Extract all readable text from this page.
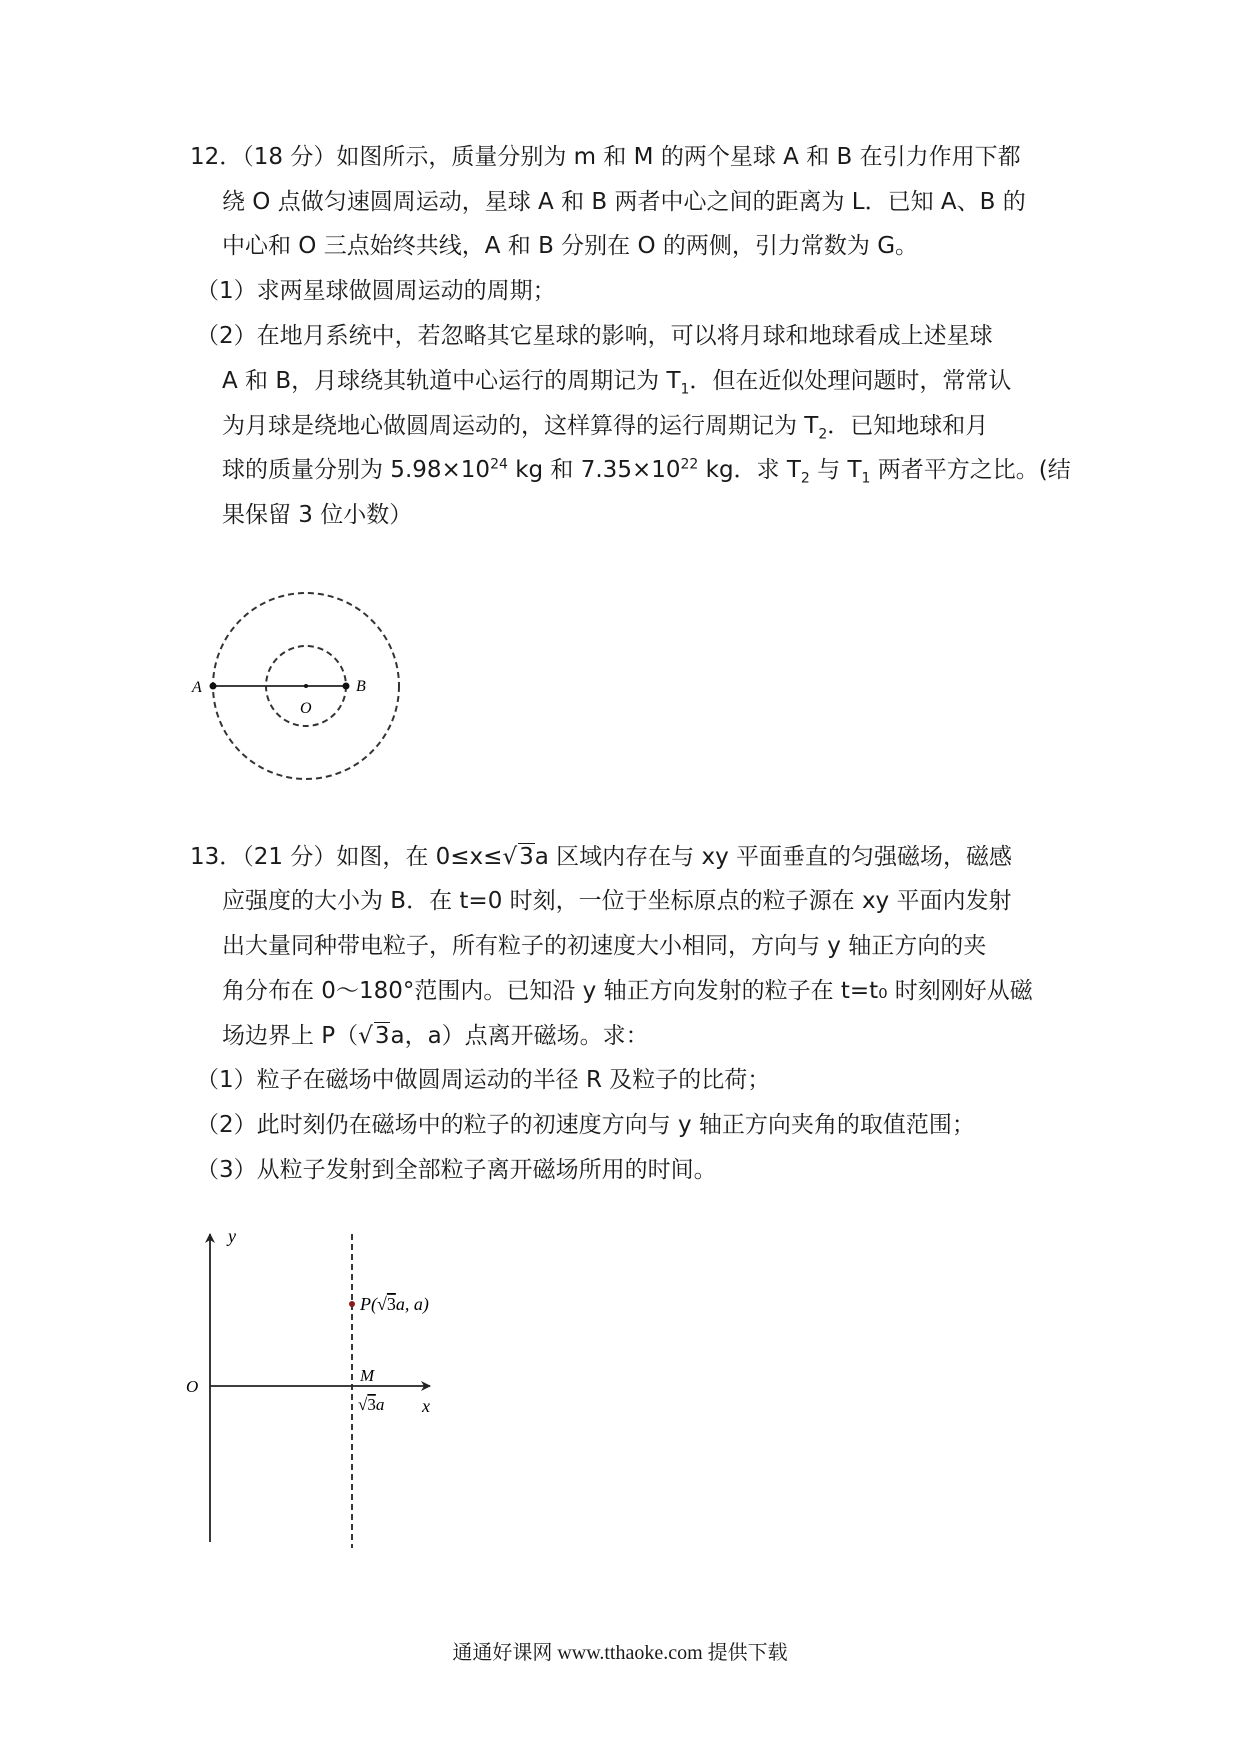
12．（18 分）如图所示，质量分别为 m 和 M 的两个星球 A 和 B 在引力作用下都
绕 O 点做匀速圆周运动，星球 A 和 B 两者中心之间的距离为 L．已知 A、B 的
中心和 O 三点始终共线，A 和 B 分别在 O 的两侧，引力常数为 G。
（1）求两星球做圆周运动的周期；
（2）在地月系统中，若忽略其它星球的影响，可以将月球和地球看成上述星球
A 和 B，月球绕其轨道中心运行的周期记为 $T_1$．但在近似处理问题时，常常认
为月球是绕地心做圆周运动的，这样算得的运行周期记为 $T_2$．已知地球和月
球的质量分别为 $5.98\times 10^{24}$ kg 和 $7.35\times 10^{22}$ kg．求 $T_2$ 与 $T_1$ 两者平方之比。(结
果保留 3 位小数）
A
O
B
13．（21 分）如图，在 0≤x≤√3a 区域内存在与 xy 平面垂直的匀强磁场，磁感
应强度的大小为 B．在 t=0 时刻，一位于坐标原点的粒子源在 xy 平面内发射
出大量同种带电粒子，所有粒子的初速度大小相同，方向与 y 轴正方向的夹
角分布在 0～180°范围内。已知沿 y 轴正方向发射的粒子在 t=t₀ 时刻刚好从磁
场边界上 P（√3a，a）点离开磁场。求：
（1）粒子在磁场中做圆周运动的半径 R 及粒子的比荷；
（2）此时刻仍在磁场中的粒子的初速度方向与 y 轴正方向夹角的取值范围；
（3）从粒子发射到全部粒子离开磁场所用的时间。
y
x
O
M
P(√3a, a)
√3a
通通好课网 www.tthaoke.com 提供下载
